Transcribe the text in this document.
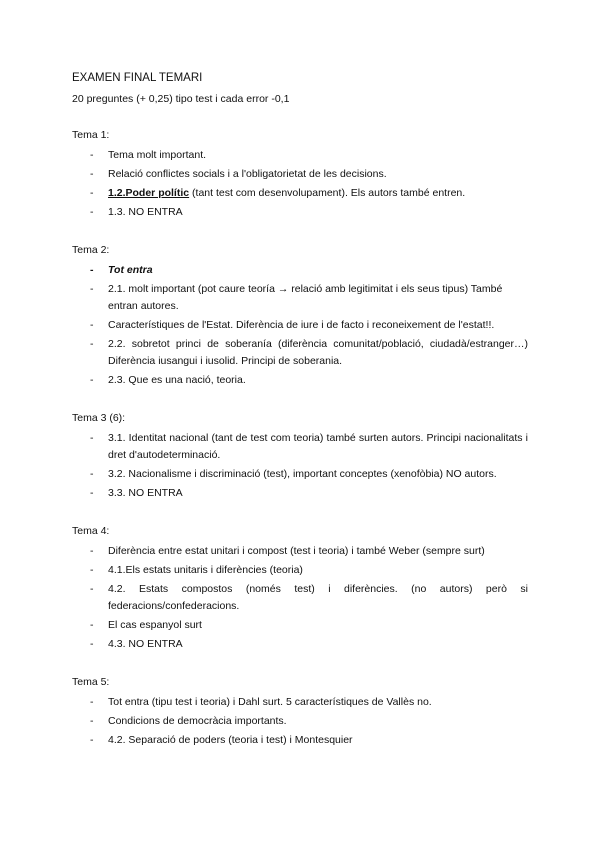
EXAMEN FINAL TEMARI
20 preguntes (+ 0,25) tipo test i cada error -0,1
Tema 1:
- Tema molt important.
- Relació conflictes socials i a l'obligatorietat de les decisions.
- 1.2.Poder polític (tant test com desenvolupament). Els autors també entren.
- 1.3. NO ENTRA
Tema 2:
- Tot entra
- 2.1. molt important (pot caure teoría → relació amb legitimitat i els seus tipus) També entran autores.
- Característiques de l'Estat. Diferència de iure i de facto i reconeixement de l'estat!!.
- 2.2. sobretot princi de soberanía (diferència comunitat/població, ciudadà/estranger…) Diferència iusangui i iusolid. Principi de soberania.
- 2.3. Que es una nació, teoria.
Tema 3 (6):
- 3.1. Identitat nacional (tant de test com teoria) també surten autors. Principi nacionalitats i dret d'autodeterminació.
- 3.2. Nacionalisme i discriminació (test), important conceptes (xenofòbia) NO autors.
- 3.3. NO ENTRA
Tema 4:
- Diferència entre estat unitari i compost (test i teoria) i també Weber (sempre surt)
- 4.1.Els estats unitaris i diferències (teoria)
- 4.2. Estats compostos (només test) i diferències. (no autors) però si federacions/confederacions.
- El cas espanyol surt
- 4.3. NO ENTRA
Tema 5:
- Tot entra (tipu test i teoria) i Dahl surt. 5 característiques de Vallès no.
- Condicions de democràcia importants.
- 4.2. Separació de poders (teoria i test) i Montesquier
